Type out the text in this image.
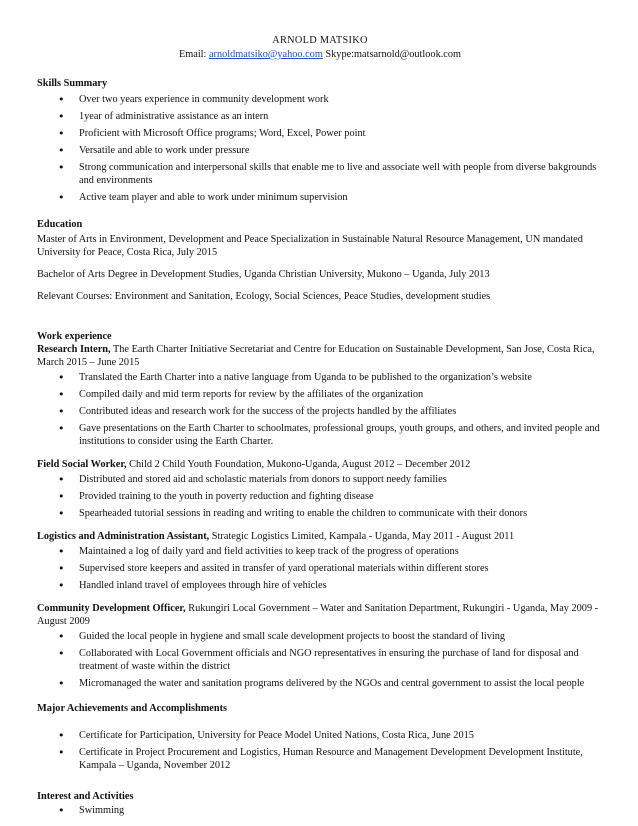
ARNOLD MATSIKO
Email: arnoldmatsiko@yahoo.com Skype:matsarnold@outlook.com
Skills Summary
• Over two years experience in community development work
• 1year of administrative assistance as an intern
• Proficient with Microsoft Office programs; Word, Excel, Power point
• Versatile and able to work under pressure
• Strong communication and interpersonal skills that enable me to live and associate well with people from diverse bakgrounds and environments
• Active team player and able to work under minimum supervision
Education

Master of Arts in Environment, Development and Peace Specialization in Sustainable Natural Resource Management, UN mandated University for Peace, Costa Rica, July 2015

Bachelor of Arts Degree in Development Studies, Uganda Christian University, Mukono – Uganda, July 2013

Relevant Courses: Environment and Sanitation, Ecology, Social Sciences, Peace Studies, development studies

Work experience

Research Intern, The Earth Charter Initiative Secretariat and Centre for Education on Sustainable Development, San Jose, Costa Rica, March 2015 – June 2015

• Translated the Earth Charter into a native language from Uganda to be published to the organization’s website
• Compiled daily and mid term reports for review by the affiliates of the organization
• Contributed ideas and research work for the success of the projects handled by the affiliates
• Gave presentations on the Earth Charter to schoolmates, professional groups, youth groups, and others, and invited people and institutions to consider using the Earth Charter.

Field Social Worker, Child 2 Child Youth Foundation, Mukono-Uganda, August 2012 – December 2012

• Distributed and stored aid and scholastic materials from donors to support needy families
• Provided training to the youth in poverty reduction and fighting disease
• Spearheaded tutorial sessions in reading and writing to enable the children to communicate with their donors

Logistics and Administration Assistant, Strategic Logistics Limited, Kampala - Uganda, May 2011 - August 2011

• Maintained a log of daily yard and field activities to keep track of the progress of operations
• Supervised store keepers and assited in transfer of yard operational materials within different stores
• Handled inland travel of employees through hire of vehicles

Community Development Officer, Rukungiri Local Government – Water and Sanitation Department, Rukungiri - Uganda, May 2009 - August 2009

• Guided the local people in hygiene and small scale development projects to boost the standard of living
• Collaborated with Local Government officials and NGO representatives in ensuring the purchase of land for disposal and treatment of waste within the district
• Micromanaged the water and sanitation programs delivered by the NGOs and central government to assist the local people
Major Achievements and Accomplishments
• Certificate for Participation, University for Peace Model United Nations, Costa Rica, June 2015
• Certificate in Project Procurement and Logistics, Human Resource and Management Development Development Institute, Kampala – Uganda, November 2012
Interest and Activities
• Swimming
